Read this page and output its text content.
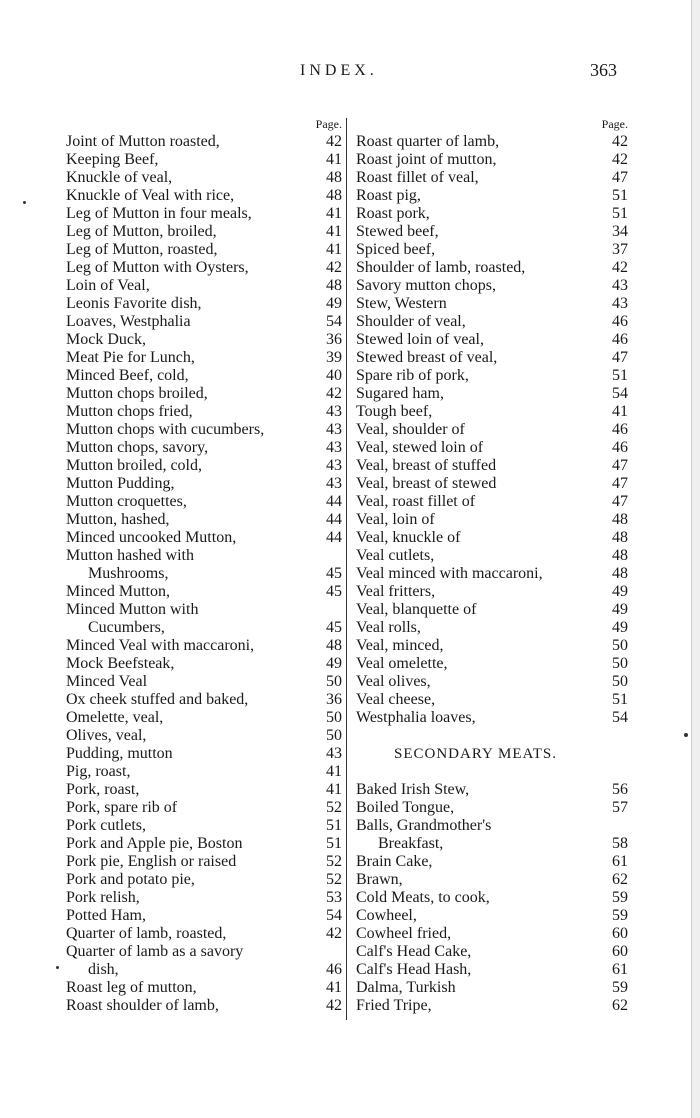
INDEX.	363
Page.
Joint of Mutton roasted,	42
Keeping Beef,	41
Knuckle of veal,	48
Knuckle of Veal with rice,	48
Leg of Mutton in four meals,	41
Leg of Mutton, broiled,	41
Leg of Mutton, roasted,	41
Leg of Mutton with Oysters,	42
Loin of Veal,	48
Leonis Favorite dish,	49
Loaves, Westphalia	54
Mock Duck,	36
Meat Pie for Lunch,	39
Minced Beef, cold,	40
Mutton chops broiled,	42
Mutton chops fried,	43
Mutton chops with cucumbers,	43
Mutton chops, savory,	43
Mutton broiled, cold,	43
Mutton Pudding,	43
Mutton croquettes,	44
Mutton, hashed,	44
Minced uncooked Mutton,	44
Mutton hashed with
Mushrooms,	45
Minced Mutton,	45
Minced Mutton with
Cucumbers,	45
Minced Veal with maccaroni,	48
Mock Beefsteak,	49
Minced Veal	50
Ox cheek stuffed and baked,	36
Omelette, veal,	50
Olives, veal,	50
Pudding, mutton	43
Pig, roast,	41
Pork, roast,	41
Pork, spare rib of	52
Pork cutlets,	51
Pork and Apple pie, Boston	51
Pork pie, English or raised	52
Pork and potato pie,	52
Pork relish,	53
Potted Ham,	54
Quarter of lamb, roasted,	42
Quarter of lamb as a savory
dish,	46
Roast leg of mutton,	41
Roast shoulder of lamb,	42
Page.
Roast quarter of lamb,	42
Roast joint of mutton,	42
Roast fillet of veal,	47
Roast pig,	51
Roast pork,	51
Stewed beef,	34
Spiced beef,	37
Shoulder of lamb, roasted,	42
Savory mutton chops,	43
Stew, Western	43
Shoulder of veal,	46
Stewed loin of veal,	46
Stewed breast of veal,	47
Spare rib of pork,	51
Sugared ham,	54
Tough beef,	41
Veal, shoulder of	46
Veal, stewed loin of	46
Veal, breast of stuffed	47
Veal, breast of stewed	47
Veal, roast fillet of	47
Veal, loin of	48
Veal, knuckle of	48
Veal cutlets,	48
Veal minced with maccaroni,	48
Veal fritters,	49
Veal, blanquette of	49
Veal rolls,	49
Veal, minced,	50
Veal omelette,	50
Veal olives,	50
Veal cheese,	51
Westphalia loaves,	54
SECONDARY MEATS.
Baked Irish Stew,	56
Boiled Tongue,	57
Balls, Grandmother's
Breakfast,	58
Brain Cake,	61
Brawn,	62
Cold Meats, to cook,	59
Cowheel,	59
Cowheel fried,	60
Calf's Head Cake,	60
Calf's Head Hash,	61
Dalma, Turkish	59
Fried Tripe,	62
